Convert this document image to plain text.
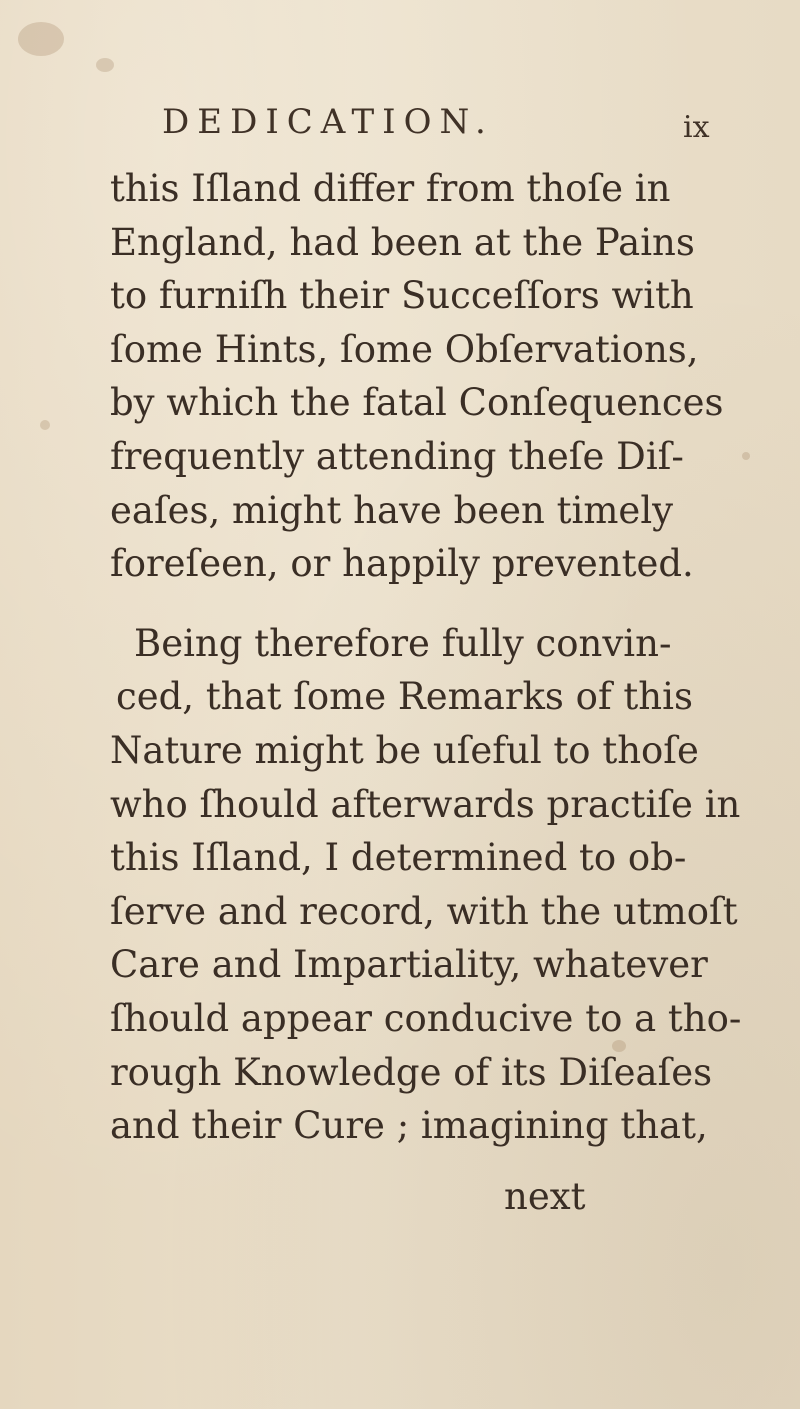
DEDICATION.	ix
this Iſland differ from thoſe in
England, had been at the Pains
to furniſh their Succeſſors with
ſome Hints, ſome Obſervations,
by which the fatal Conſequences
frequently attending theſe Diſ-
eaſes, might have been timely
foreſeen, or happily prevented.
Being therefore fully convin-
ced, that ſome Remarks of this
Nature might be uſeful to thoſe
who ſhould afterwards practiſe in
this Iſland, I determined to ob-
ſerve and record, with the utmoſt
Care and Impartiality, whatever
ſhould appear conducive to a tho-
rough Knowledge of its Diſeaſes
and their Cure ; imagining that,
next
